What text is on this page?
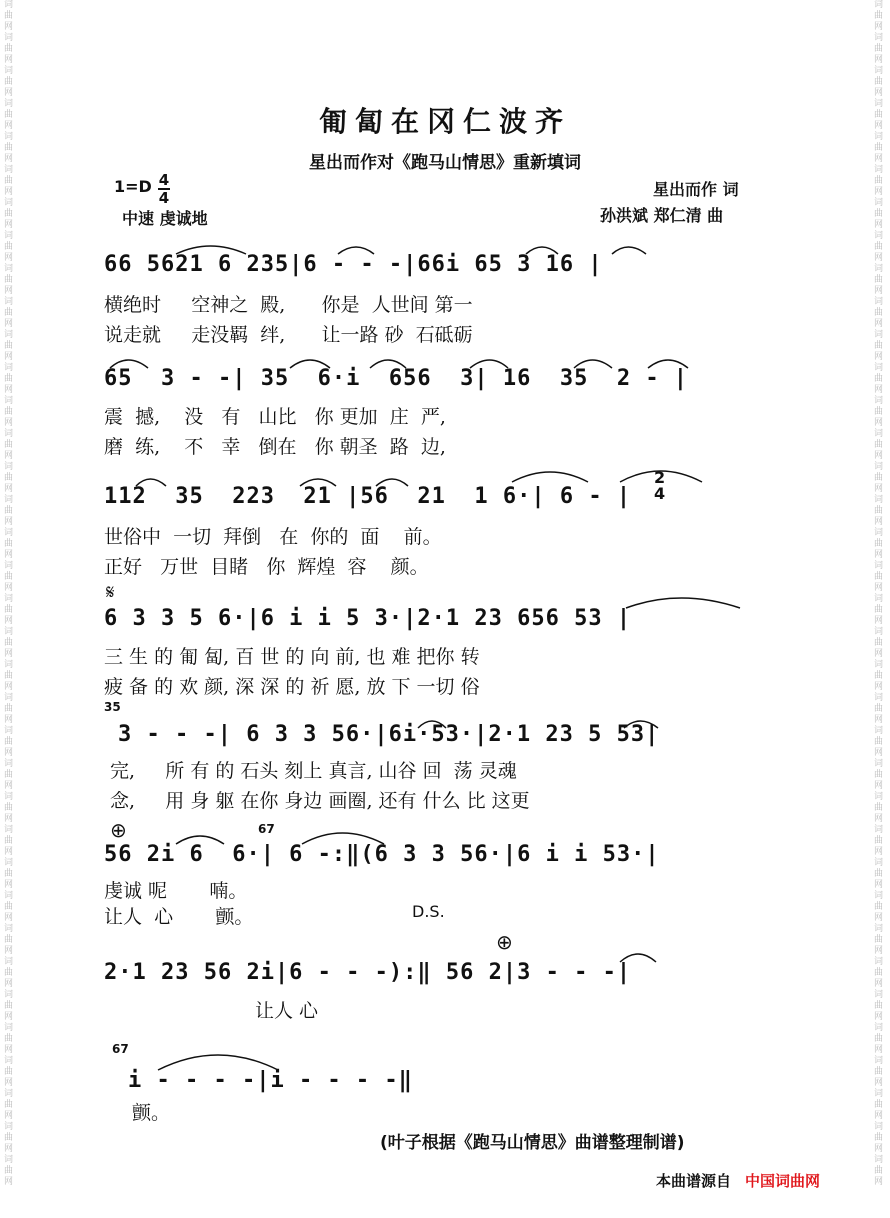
词曲网词曲网词曲网词曲网词曲网词曲网词曲网词曲网词曲网词曲网词曲网词曲网词曲网词曲网词曲网词曲网词曲网词曲网词曲网词曲网词曲网词曲网词曲网词曲网词曲网词曲网词曲网词曲网词曲网词曲网词曲网词曲网词曲网词曲网词曲网词曲网
词曲网词曲网词曲网词曲网词曲网词曲网词曲网词曲网词曲网词曲网词曲网词曲网词曲网词曲网词曲网词曲网词曲网词曲网词曲网词曲网词曲网词曲网词曲网词曲网词曲网词曲网词曲网词曲网词曲网词曲网词曲网词曲网词曲网词曲网词曲网词曲网
匍匐在冈仁波齐
星出而作对《跑马山情思》重新填词
1=D 4
4
中速 虔诚地
星出而作 词
孙洪斌 郑仁清 曲
66 5621 6 235|6 - - -|66i 65 3 16 |
横绝时     空神之  殿,      你是  人世间 第一
说走就     走没羁  绊,      让一路 砂  石砥砺
65  3 - -| 35  6·i  656  3| 16  35  2 - |
震  撼,    没   有   山比   你 更加  庄  严,
磨  练,    不   幸   倒在   你 朝圣  路  边,
112  35  223  21 |56  21  1 6·| 6 - |
世俗中  一切  拜倒   在  你的  面    前。
正好   万世  目睹   你  辉煌  容    颜。
2
4
𝄋
6 3 3 5 6·|6 i i 5 3·|2·1 23 656 53 |
三 生 的 匍 匐, 百 世 的 向 前, 也 难 把你 转
疲 备 的 欢 颜, 深 深 的 祈 愿, 放 下 一切 俗
35
3 - - -| 6 3 3 56·|6i·53·|2·1 23 5 53|
完,     所 有 的 石头 刻上 真言, 山谷 回  荡 灵魂
念,     用 身 躯 在你 身边 画圈, 还有 什么 比 这更
⊕	67
56 2i 6  6·| 6 -:‖(6 3 3 56·|6 i i 53·|
虔诚 呢       喃。
让人  心       颤。	D.S.
⊕
2·1 23 56 2i|6 - - -):‖ 56 2|3 - - -|
让人 心
67
i - - - -|i - - - -‖
颤。
(叶子根据《跑马山情思》曲谱整理制谱)
本曲谱源自 中国词曲网
